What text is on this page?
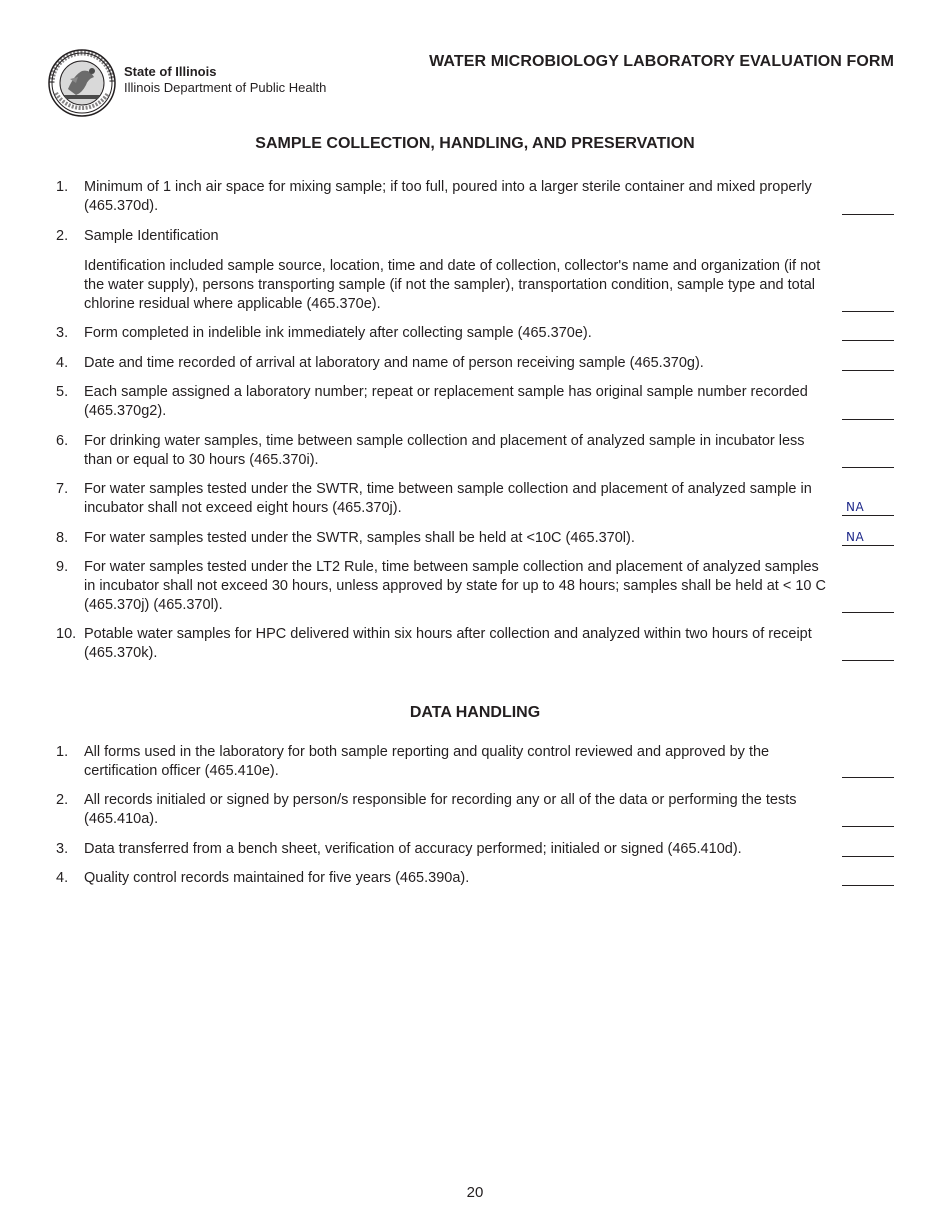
State of Illinois
Illinois Department of Public Health
WATER MICROBIOLOGY LABORATORY EVALUATION FORM
SAMPLE COLLECTION, HANDLING, AND PRESERVATION
1. Minimum of 1 inch air space for mixing sample; if too full, poured into a larger sterile container and mixed properly (465.370d).
2. Sample Identification
Identification included sample source, location, time and date of collection, collector's name and organization (if not the water supply), persons transporting sample (if not the sampler), transportation condition, sample type and total chlorine residual where applicable (465.370e).
3. Form completed in indelible ink immediately after collecting sample (465.370e).
4. Date and time recorded of arrival at laboratory and name of person receiving sample (465.370g).
5. Each sample assigned a laboratory number; repeat or replacement sample has original sample number recorded (465.370g2).
6. For drinking water samples, time between sample collection and placement of analyzed sample in incubator less than or equal to 30 hours (465.370i).
7. For water samples tested under the SWTR, time between sample collection and placement of analyzed sample in incubator shall not exceed eight hours (465.370j).	NA
8. For water samples tested under the SWTR, samples shall be held at <10C (465.370l).	NA
9. For water samples tested under the LT2 Rule, time between sample collection and placement of analyzed samples in incubator shall not exceed 30 hours, unless approved by state for up to 48 hours; samples shall be held at < 10 C (465.370j) (465.370l).
10. Potable water samples for HPC delivered within six hours after collection and analyzed within two hours of receipt (465.370k).
DATA HANDLING
1. All forms used in the laboratory for both sample reporting and quality control reviewed and approved by the certification officer (465.410e).
2. All records initialed or signed by person/s responsible for recording any or all of the data or performing the tests (465.410a).
3. Data transferred from a bench sheet, verification of accuracy performed; initialed or signed (465.410d).
4. Quality control records maintained for five years (465.390a).
20
